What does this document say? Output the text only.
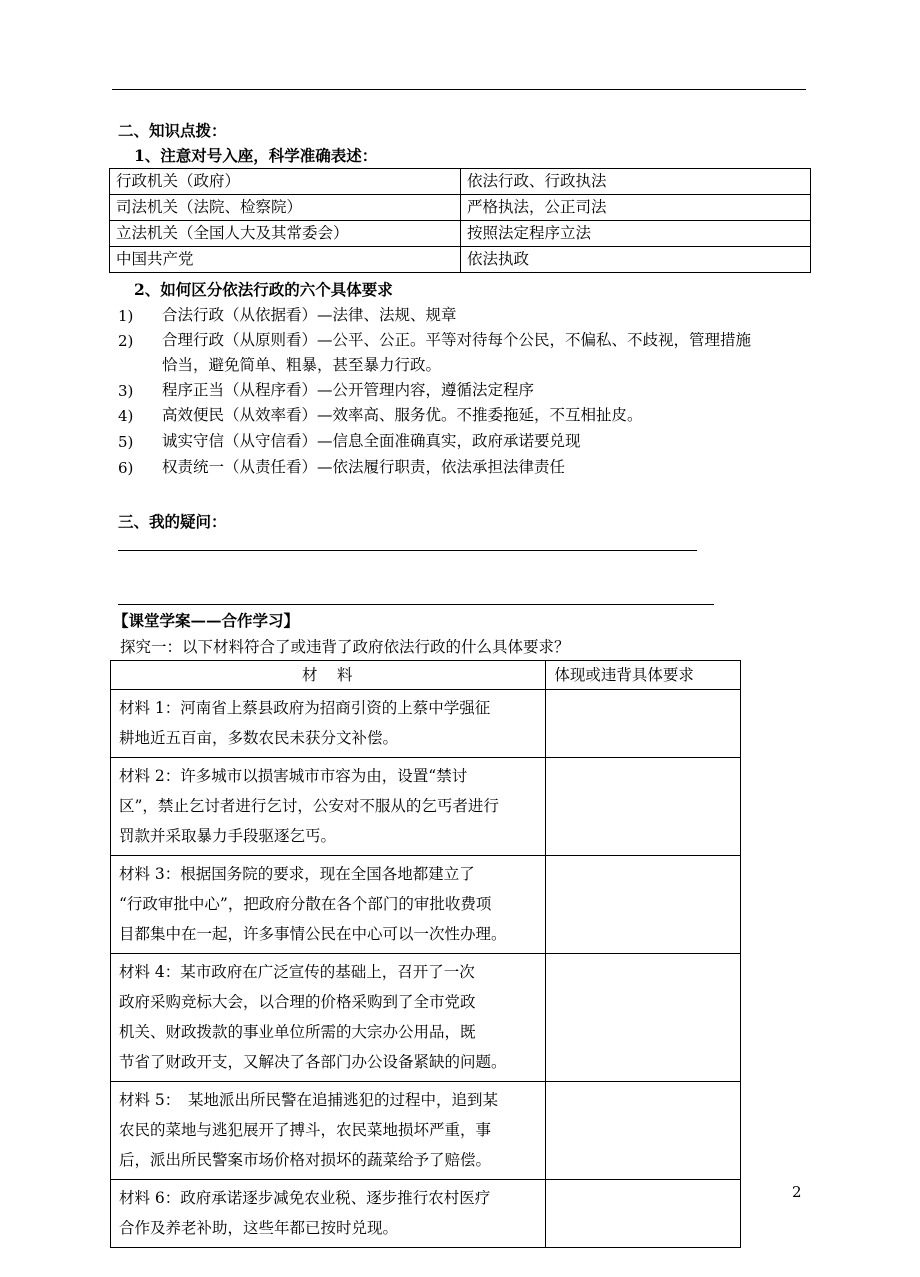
二、知识点拨：
1、注意对号入座，科学准确表述：
行政机关（政府）	依法行政、行政执法
司法机关（法院、检察院）	严格执法，公正司法
立法机关（全国人大及其常委会）	按照法定程序立法
中国共产党	依法执政
2、如何区分依法行政的六个具体要求
1) 合法行政（从依据看）—法律、法规、规章
2) 合理行政（从原则看）—公平、公正。平等对待每个公民，不偏私、不歧视，管理措施
恰当，避免简单、粗暴，甚至暴力行政。
3) 程序正当（从程序看）—公开管理内容，遵循法定程序
4) 高效便民（从效率看）—效率高、服务优。不推委拖延，不互相扯皮。
5) 诚实守信（从守信看）—信息全面准确真实，政府承诺要兑现
6) 权责统一（从责任看）—依法履行职责，依法承担法律责任
三、我的疑问：
【课堂学案——合作学习】
探究一：以下材料符合了或违背了政府依法行政的什么具体要求？
材　料	体现或违背具体要求

材料 1：河南省上蔡县政府为招商引资的上蔡中学强征
耕地近五百亩，多数农民未获分文补偿。	

材料 2：许多城市以损害城市市容为由，设置“禁讨
区”，禁止乞讨者进行乞讨，公安对不服从的乞丐者进行
罚款并采取暴力手段驱逐乞丐。	

材料 3：根据国务院的要求，现在全国各地都建立了
“行政审批中心”，把政府分散在各个部门的审批收费项
目都集中在一起，许多事情公民在中心可以一次性办理。	

材料 4：某市政府在广泛宣传的基础上，召开了一次
政府采购竞标大会，以合理的价格采购到了全市党政
机关、财政拨款的事业单位所需的大宗办公用品，既
节省了财政开支，又解决了各部门办公设备紧缺的问题。	

材料 5：　某地派出所民警在追捕逃犯的过程中，追到某
农民的菜地与逃犯展开了搏斗，农民菜地损坏严重，事
后，派出所民警案市场价格对损坏的蔬菜给予了赔偿。	

材料 6：政府承诺逐步减免农业税、逐步推行农村医疗
合作及养老补助，这些年都已按时兑现。	

2
